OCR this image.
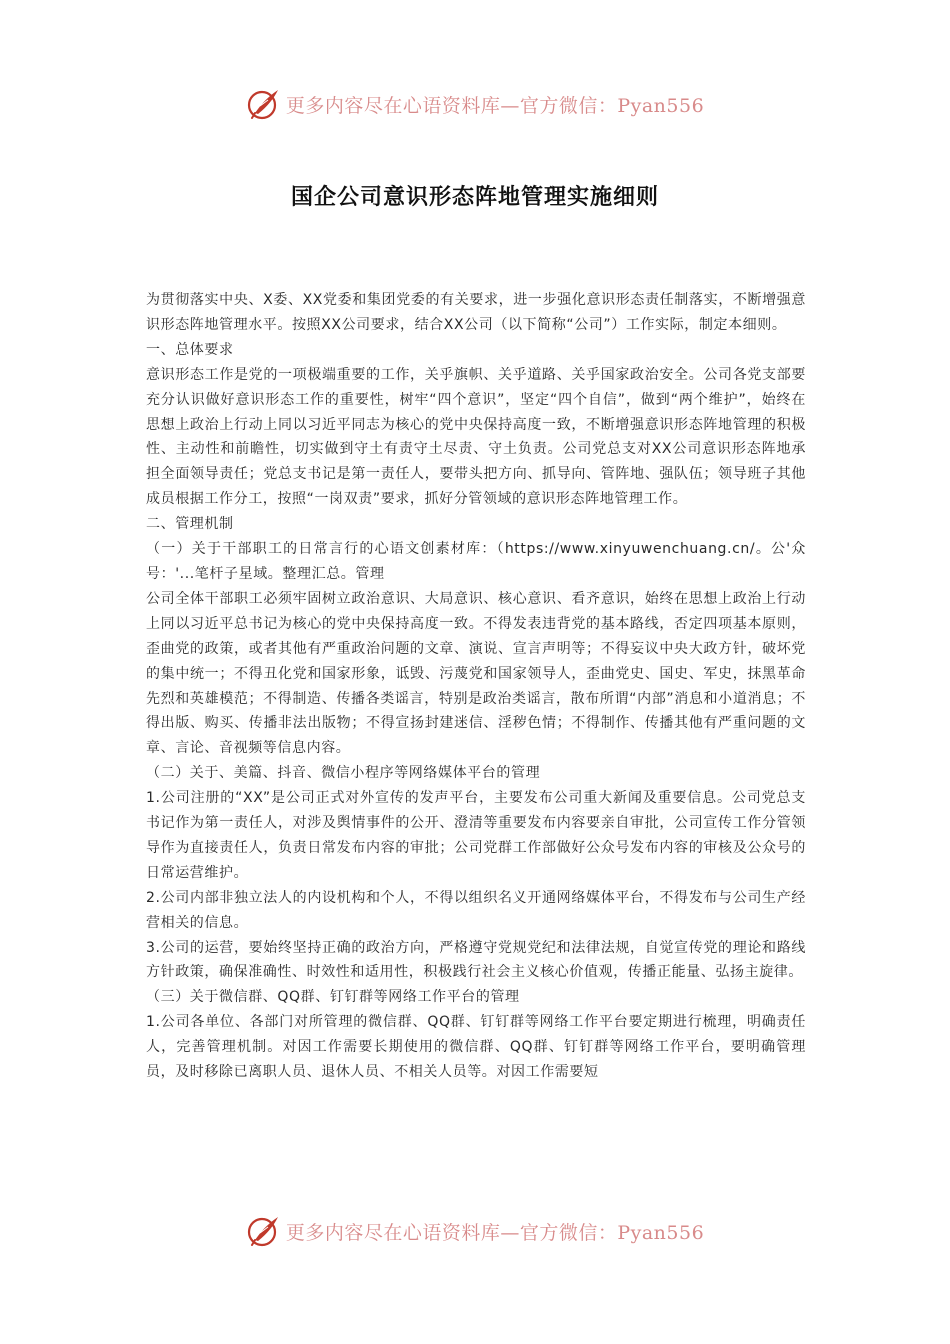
更多内容尽在心语资料库—官方微信：Pyan556
国企公司意识形态阵地管理实施细则

为贯彻落实中央、X委、XX党委和集团党委的有关要求，进一步强化意识形态责任制落实，不断增强意识形态阵地管理水平。按照XX公司要求，结合XX公司（以下简称“公司”）工作实际，制定本细则。

一、总体要求

意识形态工作是党的一项极端重要的工作，关乎旗帜、关乎道路、关乎国家政治安全。公司各党支部要充分认识做好意识形态工作的重要性，树牢“四个意识”，坚定“四个自信”，做到“两个维护”，始终在思想上政治上行动上同以习近平同志为核心的党中央保持高度一致，不断增强意识形态阵地管理的积极性、主动性和前瞻性，切实做到守土有责守土尽责、守土负责。公司党总支对XX公司意识形态阵地承担全面领导责任；党总支书记是第一责任人，要带头把方向、抓导向、管阵地、强队伍；领导班子其他成员根据工作分工，按照“一岗双责”要求，抓好分管领域的意识形态阵地管理工作。

二、管理机制

（一）关于干部职工的日常言行的心语文创素材库：（https://www.xinyuwenchuang.cn/。公'众号：'...笔杆子星域。整理汇总。管理

公司全体干部职工必须牢固树立政治意识、大局意识、核心意识、看齐意识，始终在思想上政治上行动上同以习近平总书记为核心的党中央保持高度一致。不得发表违背党的基本路线，否定四项基本原则，歪曲党的政策，或者其他有严重政治问题的文章、演说、宣言声明等；不得妄议中央大政方针，破坏党的集中统一；不得丑化党和国家形象，诋毁、污蔑党和国家领导人，歪曲党史、国史、军史，抹黑革命先烈和英雄模范；不得制造、传播各类谣言，特别是政治类谣言，散布所谓“内部”消息和小道消息；不得出版、购买、传播非法出版物；不得宣扬封建迷信、淫秽色情；不得制作、传播其他有严重问题的文章、言论、音视频等信息内容。

（二）关于、美篇、抖音、微信小程序等网络媒体平台的管理

1.公司注册的“XX”是公司正式对外宣传的发声平台，主要发布公司重大新闻及重要信息。公司党总支书记作为第一责任人，对涉及舆情事件的公开、澄清等重要发布内容要亲自审批，公司宣传工作分管领导作为直接责任人，负责日常发布内容的审批；公司党群工作部做好公众号发布内容的审核及公众号的日常运营维护。

2.公司内部非独立法人的内设机构和个人，不得以组织名义开通网络媒体平台，不得发布与公司生产经营相关的信息。

3.公司的运营，要始终坚持正确的政治方向，严格遵守党规党纪和法律法规，自觉宣传党的理论和路线方针政策，确保准确性、时效性和适用性，积极践行社会主义核心价值观，传播正能量、弘扬主旋律。

（三）关于微信群、QQ群、钉钉群等网络工作平台的管理

1.公司各单位、各部门对所管理的微信群、QQ群、钉钉群等网络工作平台要定期进行梳理，明确责任人，完善管理机制。对因工作需要长期使用的微信群、QQ群、钉钉群等网络工作平台，要明确管理员，及时移除已离职人员、退休人员、不相关人员等。对因工作需要短

更多内容尽在心语资料库—官方微信：Pyan556
